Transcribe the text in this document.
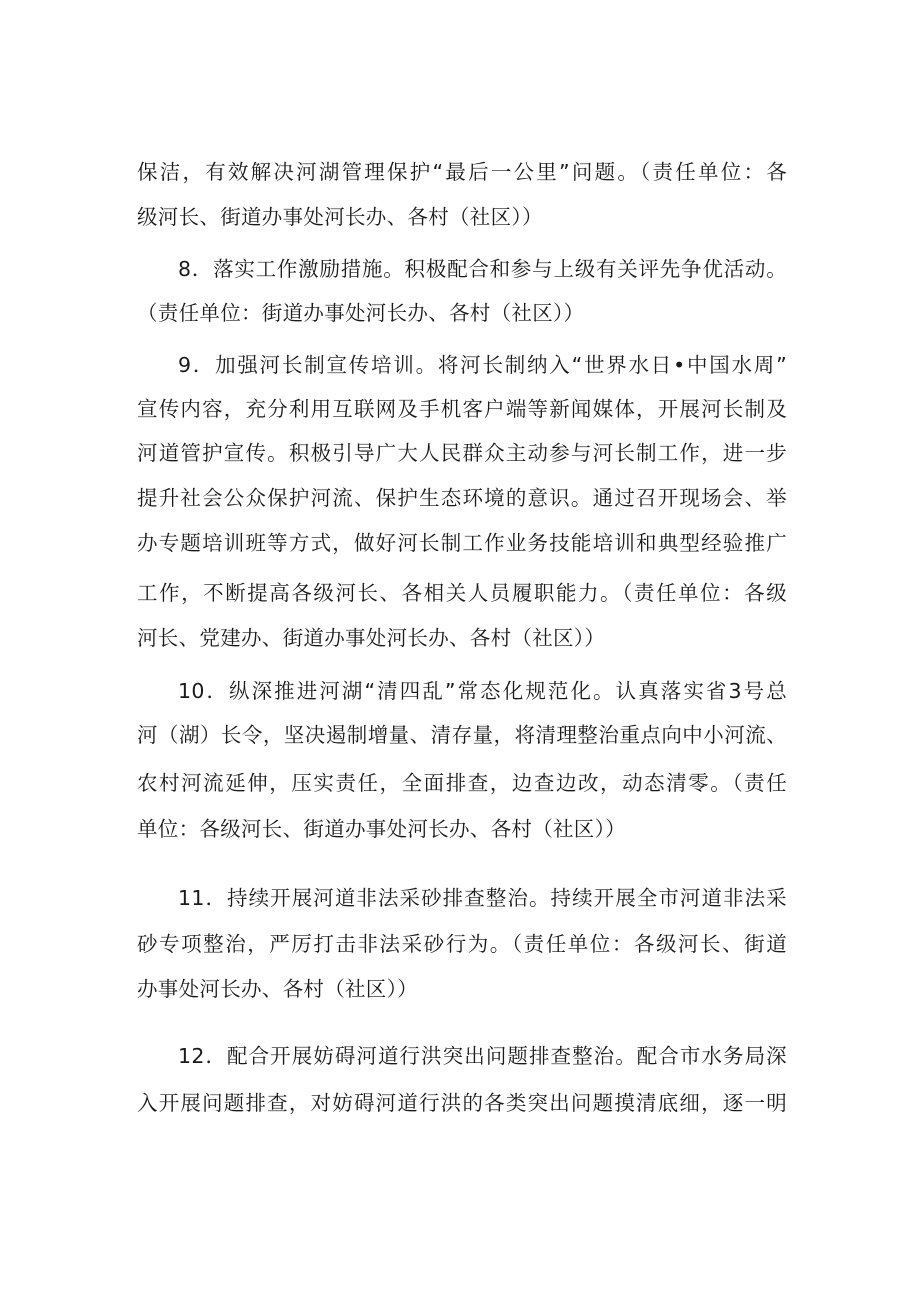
保洁，有效解决河湖管理保护“最后一公里”问题。（责任单位：各
级河长、街道办事处河长办、各村（社区））
8．落实工作激励措施。积极配合和参与上级有关评先争优活动。
（责任单位：街道办事处河长办、各村（社区））
9．加强河长制宣传培训。将河长制纳入“世界水日•中国水周”
宣传内容，充分利用互联网及手机客户端等新闻媒体，开展河长制及
河道管护宣传。积极引导广大人民群众主动参与河长制工作，进一步
提升社会公众保护河流、保护生态环境的意识。通过召开现场会、举
办专题培训班等方式，做好河长制工作业务技能培训和典型经验推广
工作，不断提高各级河长、各相关人员履职能力。（责任单位：各级
河长、党建办、街道办事处河长办、各村（社区））
10．纵深推进河湖“清四乱”常态化规范化。认真落实省3号总
河（湖）长令，坚决遏制增量、清存量，将清理整治重点向中小河流、
农村河流延伸，压实责任，全面排查，边查边改，动态清零。（责任
单位：各级河长、街道办事处河长办、各村（社区））
11．持续开展河道非法采砂排查整治。持续开展全市河道非法采
砂专项整治，严厉打击非法采砂行为。（责任单位：各级河长、街道
办事处河长办、各村（社区））
12．配合开展妨碍河道行洪突出问题排查整治。配合市水务局深
入开展问题排查，对妨碍河道行洪的各类突出问题摸清底细，逐一明
